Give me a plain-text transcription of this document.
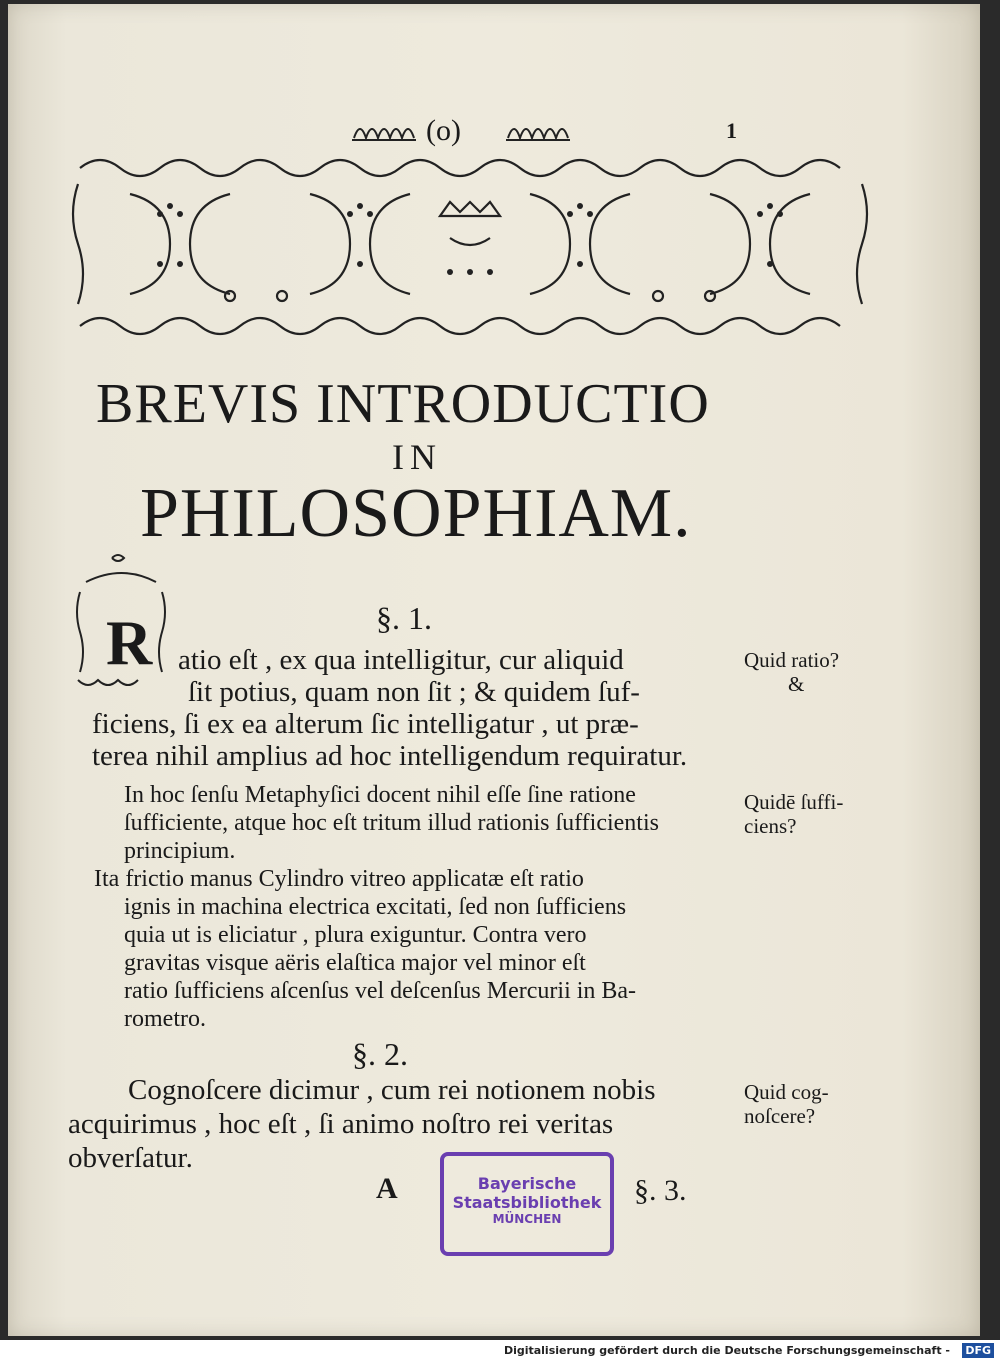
(o)	1
BREVIS INTRODUCTIO
IN
PHILOSOPHIAM.
§. 1.
R atio eſt , ex qua intelligitur, cur aliquid
ſit potius, quam non ſit ; & quidem ſuf-
ficiens, ſi ex ea alterum ſic intelligatur , ut præ-
terea nihil amplius ad hoc intelligendum requiratur.
In hoc ſenſu Metaphyſici docent nihil eſſe ſine ratione
ſufficiente, atque hoc eſt tritum illud rationis ſufficientis
principium.
Ita frictio manus Cylindro vitreo applicatæ eſt ratio
ignis in machina electrica excitati, ſed non ſufficiens
quia ut is eliciatur , plura exiguntur. Contra vero
gravitas visque aëris elaſtica major vel minor eſt
ratio ſufficiens aſcenſus vel deſcenſus Mercurii in Ba-
rometro.
§. 2.
Cognoſcere dicimur , cum rei notionem nobis
acquirimus , hoc eſt , ſi animo noſtro rei veritas
obverſatur.
Quid ratio?
&
Quidē ſuffi-
ciens?
Quid cog-
noſcere?
A	§. 3.
Bayerische
Staatsbibliothek
MÜNCHEN
Digitalisierung gefördert durch die Deutsche Forschungsgemeinschaft - DFG
